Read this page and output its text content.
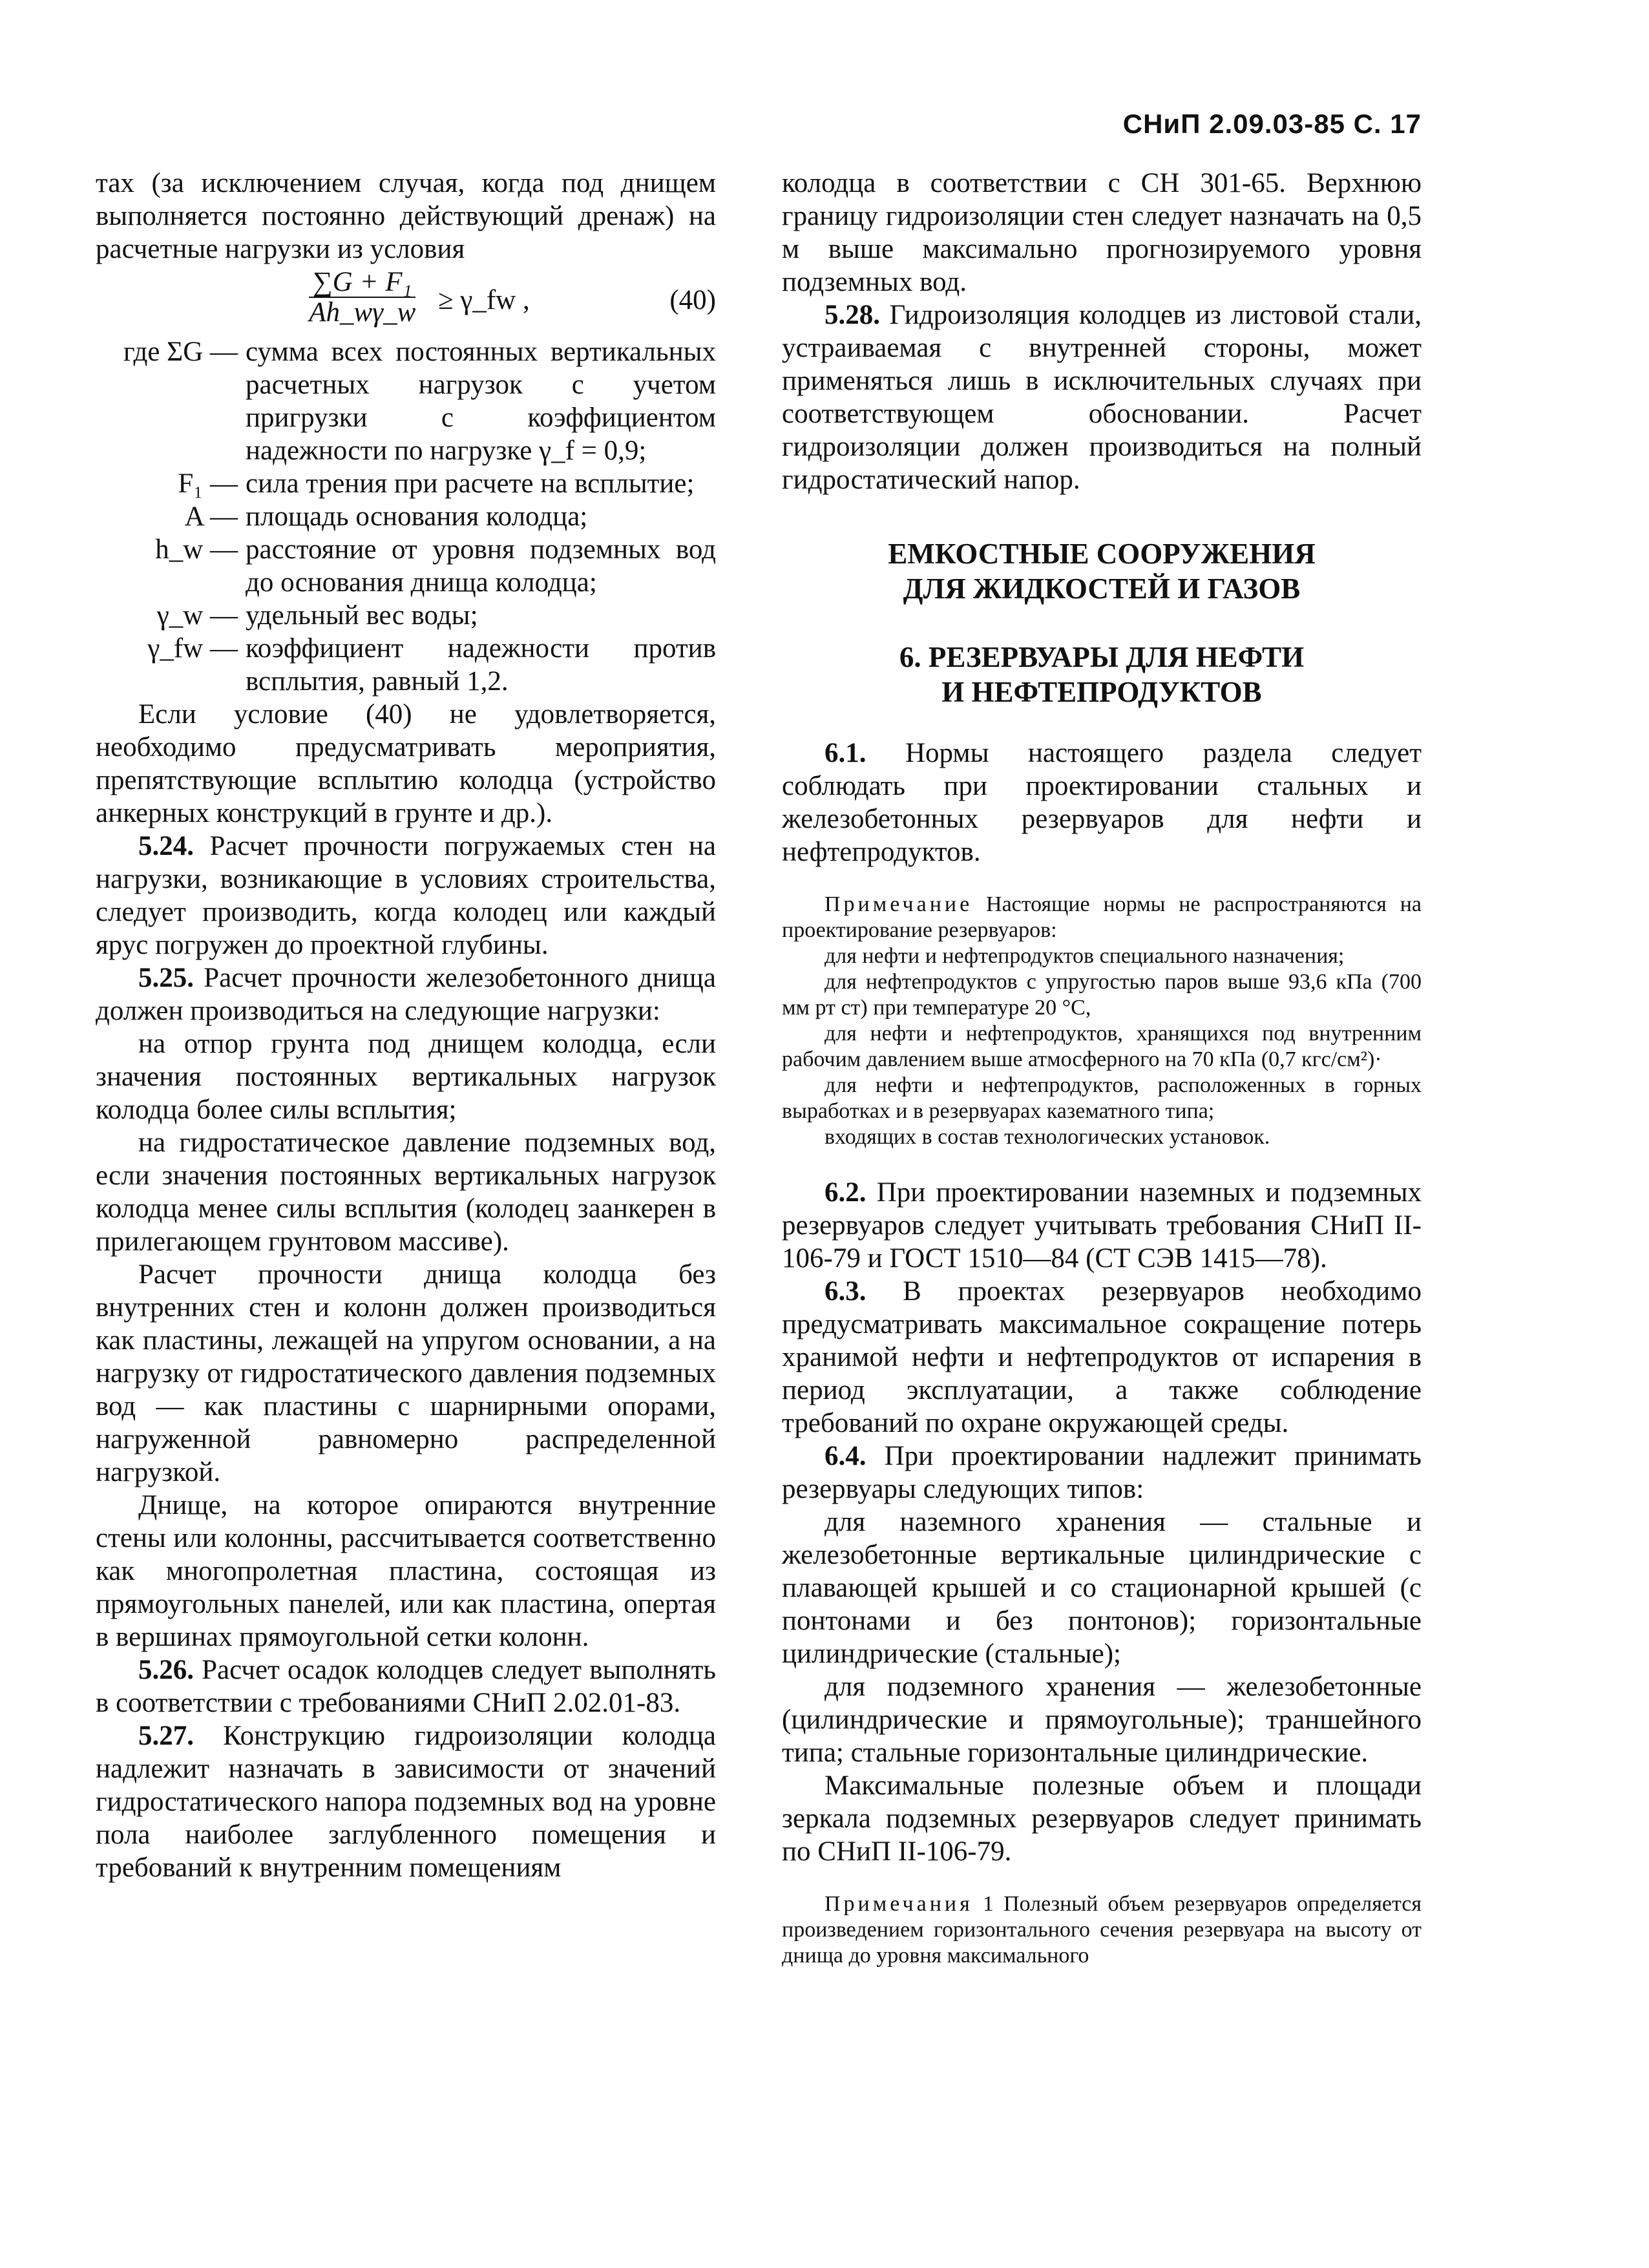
СНиП 2.09.03-85 С. 17

тах (за исключением случая, когда под днищем выполняется постоянно действующий дренаж) на расчетные нагрузки из условия

$\frac{\text{∑G + F₁}}{Ah\_w\gamma\_w}$ ≥ γ_fw ,	(40)
где ΣG — сумма всех постоянных вертикальных расчетных нагрузок с учетом пригрузки с коэффициентом надежности по нагрузке γ_f = 0,9;
F₁ — сила трения при расчете на всплытие;
A — площадь основания колодца;
h_w — расстояние от уровня подземных вод до основания днища колодца;
γ_w — удельный вес воды;
γ_fw — коэффициент надежности против всплытия, равный 1,2.

Если условие (40) не удовлетворяется, необходимо предусматривать мероприятия, препятствующие всплытию колодца (устройство анкерных конструкций в грунте и др.).

5.24. Расчет прочности погружаемых стен на нагрузки, возникающие в условиях строительства, следует производить, когда колодец или каждый ярус погружен до проектной глубины.

5.25. Расчет прочности железобетонного днища должен производиться на следующие нагрузки:

на отпор грунта под днищем колодца, если значения постоянных вертикальных нагрузок колодца более силы всплытия;

на гидростатическое давление подземных вод, если значения постоянных вертикальных нагрузок колодца менее силы всплытия (колодец заанкерен в прилегающем грунтовом массиве).

Расчет прочности днища колодца без внутренних стен и колонн должен производиться как пластины, лежащей на упругом основании, а на нагрузку от гидростатического давления подземных вод — как пластины с шарнирными опорами, нагруженной равномерно распределенной нагрузкой.

Днище, на которое опираются внутренние стены или колонны, рассчитывается соответственно как многопролетная пластина, состоящая из прямоугольных панелей, или как пластина, опертая в вершинах прямоугольной сетки колонн.

5.26. Расчет осадок колодцев следует выполнять в соответствии с требованиями СНиП 2.02.01-83.

5.27. Конструкцию гидроизоляции колодца надлежит назначать в зависимости от значений гидростатического напора подземных вод на уровне пола наиболее заглубленного помещения и требований к внутренним помещениям

колодца в соответствии с СН 301-65. Верхнюю границу гидроизоляции стен следует назначать на 0,5 м выше максимально прогнозируемого уровня подземных вод.

5.28. Гидроизоляция колодцев из листовой стали, устраиваемая с внутренней стороны, может применяться лишь в исключительных случаях при соответствующем обосновании. Расчет гидроизоляции должен производиться на полный гидростатический напор.

ЕМКОСТНЫЕ СООРУЖЕНИЯ
ДЛЯ ЖИДКОСТЕЙ И ГАЗОВ
6. РЕЗЕРВУАРЫ ДЛЯ НЕФТИ
И НЕФТЕПРОДУКТОВ

6.1. Нормы настоящего раздела следует соблюдать при проектировании стальных и железобетонных резервуаров для нефти и нефтепродуктов.

Примечание Настоящие нормы не распространяются на проектирование резервуаров:

для нефти и нефтепродуктов специального назначения;

для нефтепродуктов с упругостью паров выше 93,6 кПа (700 мм рт ст) при температуре 20 °С,

для нефти и нефтепродуктов, хранящихся под внутренним рабочим давлением выше атмосферного на 70 кПа (0,7 кгс/см²)·

для нефти и нефтепродуктов, расположенных в горных выработках и в резервуарах казематного типа;

входящих в состав технологических установок.

6.2. При проектировании наземных и подземных резервуаров следует учитывать требования СНиП II-106-79 и ГОСТ 1510—84 (СТ СЭВ 1415—78).

6.3. В проектах резервуаров необходимо предусматривать максимальное сокращение потерь хранимой нефти и нефтепродуктов от испарения в период эксплуатации, а также соблюдение требований по охране окружающей среды.

6.4. При проектировании надлежит принимать резервуары следующих типов:

для наземного хранения — стальные и железобетонные вертикальные цилиндрические с плавающей крышей и со стационарной крышей (с понтонами и без понтонов); горизонтальные цилиндрические (стальные);

для подземного хранения — железобетонные (цилиндрические и прямоугольные); траншейного типа; стальные горизонтальные цилиндрические.

Максимальные полезные объем и площади зеркала подземных резервуаров следует принимать по СНиП II-106-79.

Примечания 1 Полезный объем резервуаров определяется произведением горизонтального сечения резервуара на высоту от днища до уровня максимального
